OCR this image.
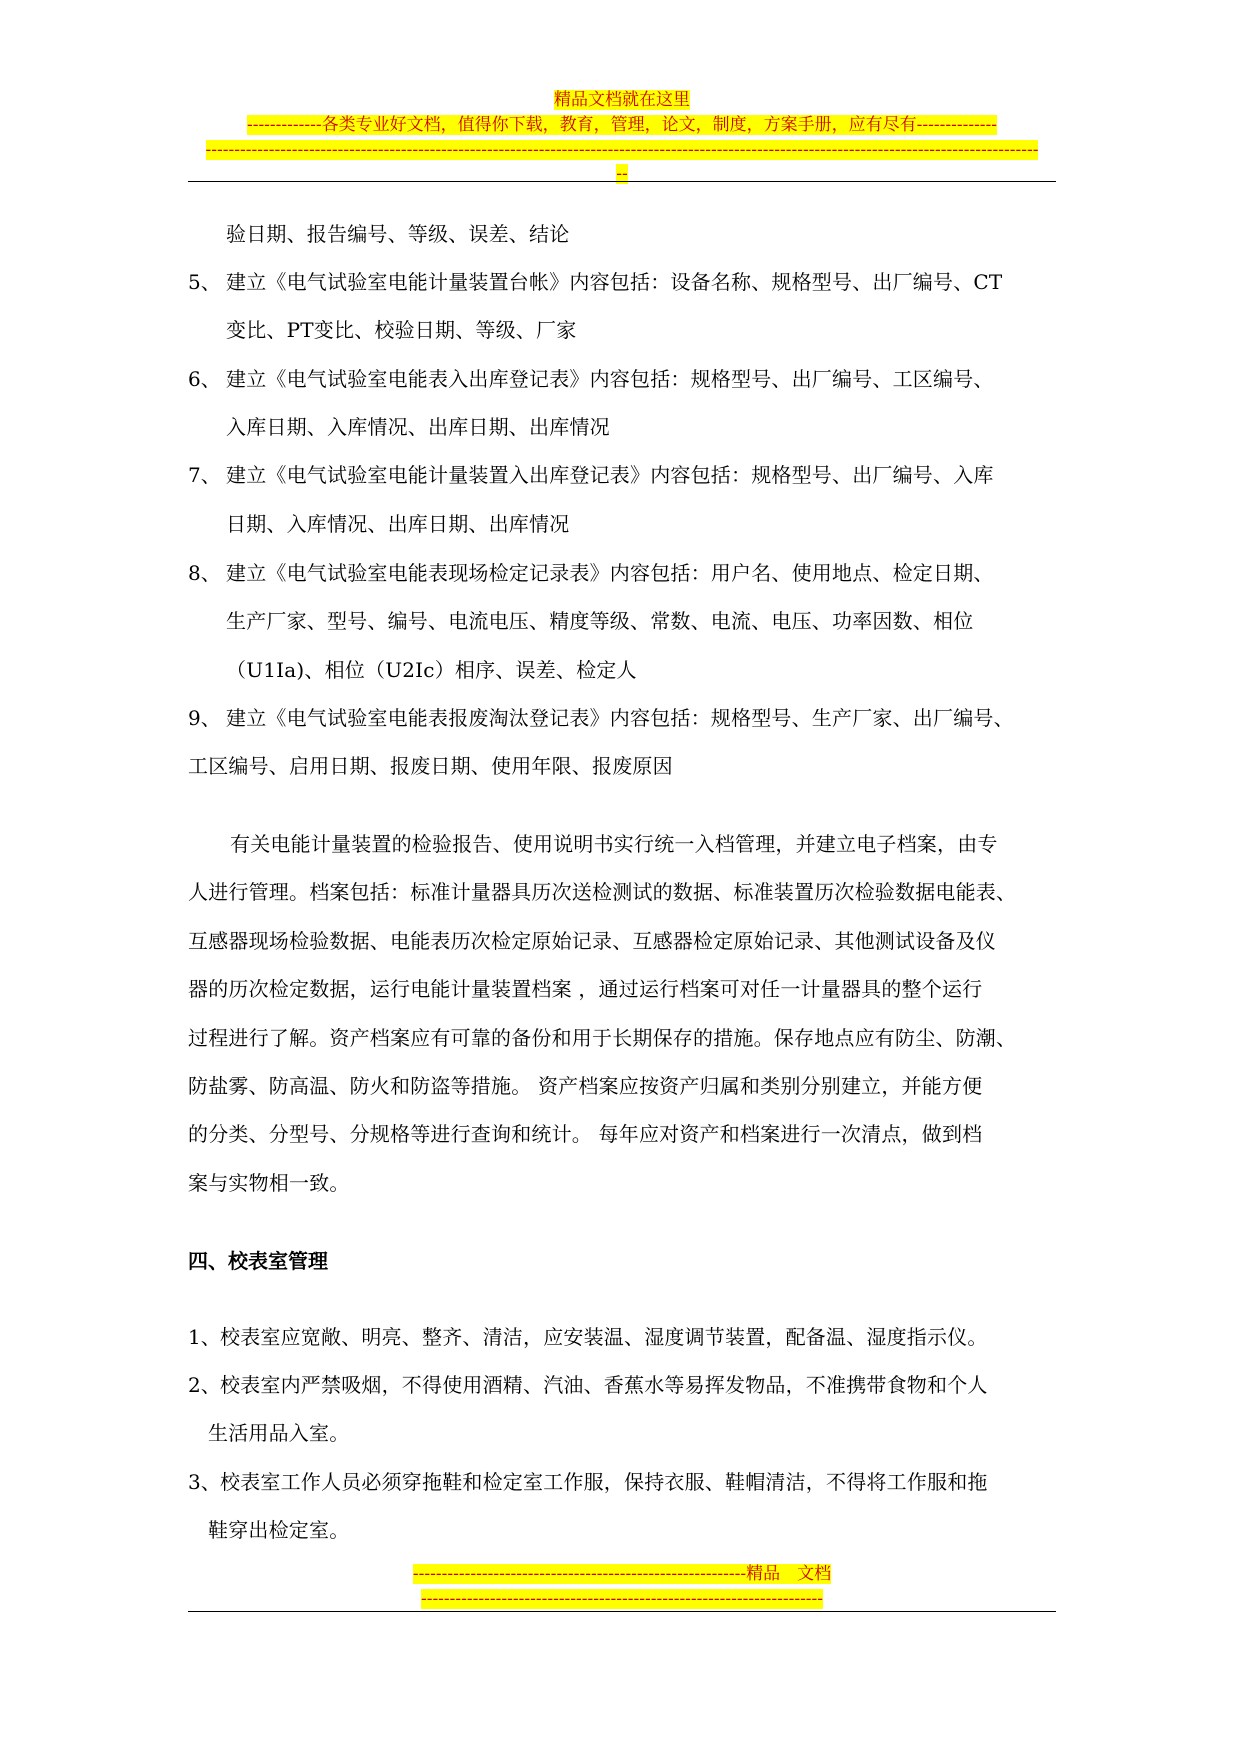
精品文档就在这里
-------------各类专业好文档，值得你下载，教育，管理，论文，制度，方案手册，应有尽有--------------
-------------------------------------------------------------------------------------------------------------------------------------------------
--
验日期、报告编号、等级、误差、结论
5、 建立《电气试验室电能计量装置台帐》内容包括：设备名称、规格型号、出厂编号、CT
变比、PT变比、校验日期、等级、厂家
6、 建立《电气试验室电能表入出库登记表》内容包括：规格型号、出厂编号、工区编号、
入库日期、入库情况、出库日期、出库情况
7、 建立《电气试验室电能计量装置入出库登记表》内容包括：规格型号、出厂编号、入库
日期、入库情况、出库日期、出库情况
8、 建立《电气试验室电能表现场检定记录表》内容包括：用户名、使用地点、检定日期、
生产厂家、型号、编号、电流电压、精度等级、常数、电流、电压、功率因数、相位
（U1Ⅰa)、相位（U2Ⅰc）相序、误差、检定人
9、 建立《电气试验室电能表报废淘汰登记表》内容包括：规格型号、生产厂家、出厂编号、
工区编号、启用日期、报废日期、使用年限、报废原因
有关电能计量装置的检验报告、使用说明书实行统一入档管理，并建立电子档案，由专
人进行管理。档案包括：标准计量器具历次送检测试的数据、标准装置历次检验数据电能表、
互感器现场检验数据、电能表历次检定原始记录、互感器检定原始记录、其他测试设备及仪
器的历次检定数据，运行电能计量装置档案 ，通过运行档案可对任一计量器具的整个运行
过程进行了解。资产档案应有可靠的备份和用于长期保存的措施。保存地点应有防尘、防潮、
防盐雾、防高温、防火和防盗等措施。 资产档案应按资产归属和类别分别建立，并能方便
的分类、分型号、分规格等进行查询和统计。 每年应对资产和档案进行一次清点，做到档
案与实物相一致。
四、校表室管理
1、 校表室应宽敞、明亮、整齐、清洁，应安装温、湿度调节装置，配备温、湿度指示仪。
2、 校表室内严禁吸烟，不得使用酒精、汽油、香蕉水等易挥发物品，不准携带食物和个人
生活用品入室。
3、 校表室工作人员必须穿拖鞋和检定室工作服，保持衣服、鞋帽清洁，不得将工作服和拖
鞋穿出检定室。
----------------------------------------------------------精品　文档
----------------------------------------------------------------------
